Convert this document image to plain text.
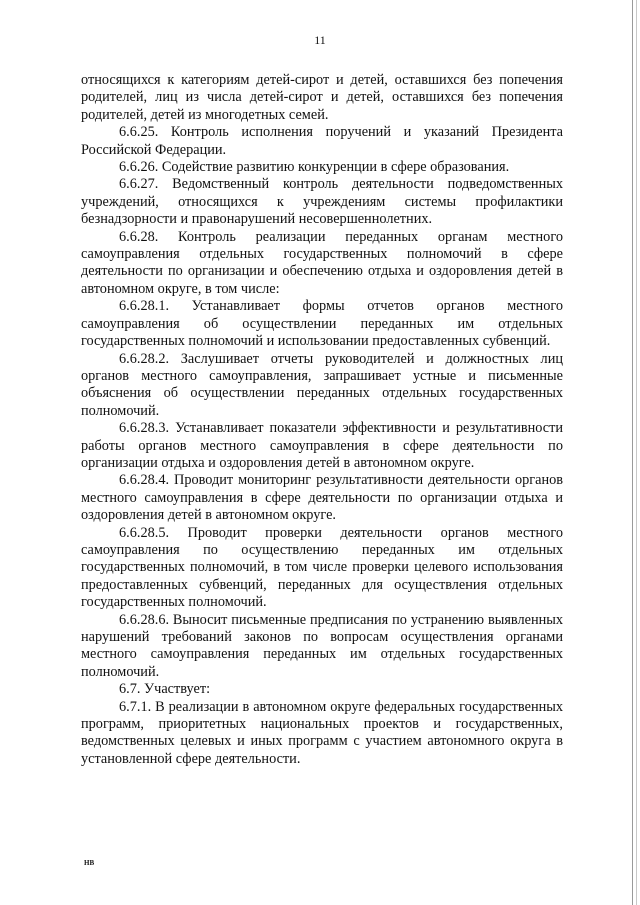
11

относящихся к категориям детей-сирот и детей, оставшихся без попечения родителей, лиц из числа детей-сирот и детей, оставшихся без попечения родителей, детей из многодетных семей.

6.6.25. Контроль исполнения поручений и указаний Президента Российской Федерации.

6.6.26. Содействие развитию конкуренции в сфере образования.

6.6.27. Ведомственный контроль деятельности подведомственных учреждений, относящихся к учреждениям системы профилактики безнадзорности и правонарушений несовершеннолетних.

6.6.28. Контроль реализации переданных органам местного самоуправления отдельных государственных полномочий в сфере деятельности по организации и обеспечению отдыха и оздоровления детей в автономном округе, в том числе:

6.6.28.1. Устанавливает формы отчетов органов местного самоуправления об осуществлении переданных им отдельных государственных полномочий и использовании предоставленных субвенций.

6.6.28.2. Заслушивает отчеты руководителей и должностных лиц органов местного самоуправления, запрашивает устные и письменные объяснения об осуществлении переданных отдельных государственных полномочий.

6.6.28.3. Устанавливает показатели эффективности и результативности работы органов местного самоуправления в сфере деятельности по организации отдыха и оздоровления детей в автономном округе.

6.6.28.4. Проводит мониторинг результативности деятельности органов местного самоуправления в сфере деятельности по организации отдыха и оздоровления детей в автономном округе.

6.6.28.5. Проводит проверки деятельности органов местного самоуправления по осуществлению переданных им отдельных государственных полномочий, в том числе проверки целевого использования предоставленных субвенций, переданных для осуществления отдельных государственных полномочий.

6.6.28.6. Выносит письменные предписания по устранению выявленных нарушений требований законов по вопросам осуществления органами местного самоуправления переданных им отдельных государственных полномочий.

6.7. Участвует:

6.7.1. В реализации в автономном округе федеральных государственных программ, приоритетных национальных проектов и государственных, ведомственных целевых и иных программ с участием автономного округа в установленной сфере деятельности.

НВ
